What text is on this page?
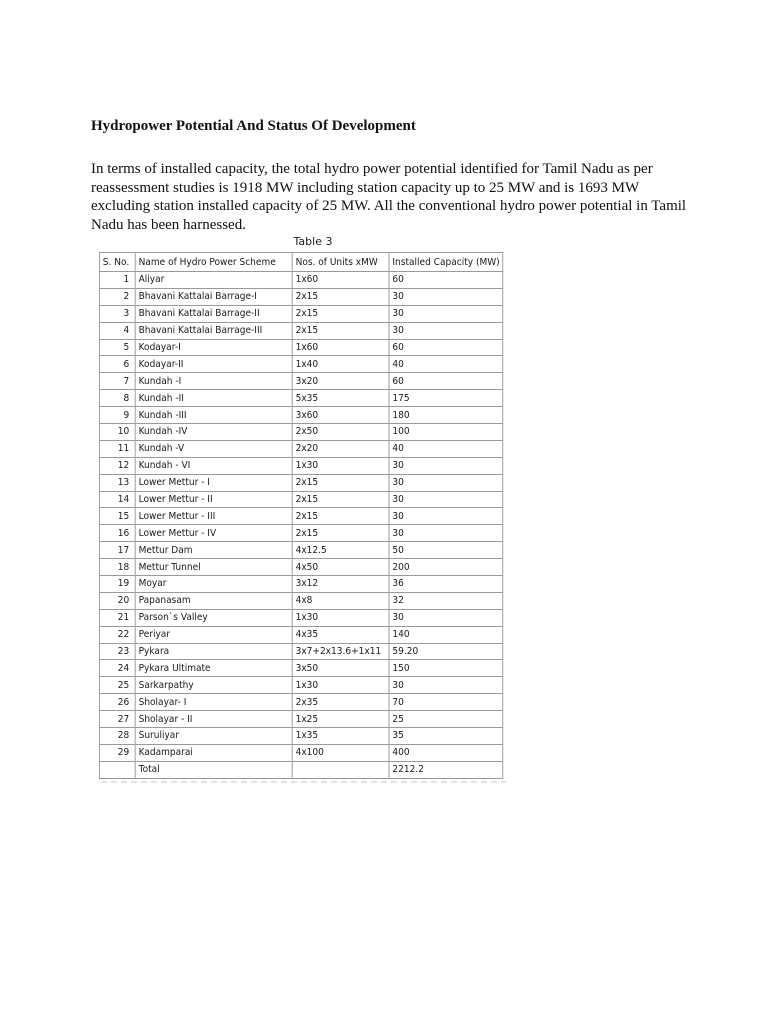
Hydropower Potential And Status Of Development

In terms of installed capacity, the total hydro power potential identified for Tamil Nadu as per reassessment studies is 1918 MW including station capacity up to 25 MW and is 1693 MW excluding station installed capacity of 25 MW. All the conventional hydro power potential in Tamil Nadu has been harnessed.

Table 3
S. No.	Name of Hydro Power Scheme	Nos. of Units xMW	Installed Capacity (MW)
1	Aliyar	1x60	60
2	Bhavani Kattalai Barrage-I	2x15	30
3	Bhavani Kattalai Barrage-II	2x15	30
4	Bhavani Kattalai Barrage-III	2x15	30
5	Kodayar-I	1x60	60
6	Kodayar-II	1x40	40
7	Kundah -I	3x20	60
8	Kundah -II	5x35	175
9	Kundah -III	3x60	180
10	Kundah -IV	2x50	100
11	Kundah -V	2x20	40
12	Kundah - VI	1x30	30
13	Lower Mettur - I	2x15	30
14	Lower Mettur - II	2x15	30
15	Lower Mettur - III	2x15	30
16	Lower Mettur - IV	2x15	30
17	Mettur Dam	4x12.5	50
18	Mettur Tunnel	4x50	200
19	Moyar	3x12	36
20	Papanasam	4x8	32
21	Parson`s Valley	1x30	30
22	Periyar	4x35	140
23	Pykara	3x7+2x13.6+1x11	59.20
24	Pykara Ultimate	3x50	150
25	Sarkarpathy	1x30	30
26	Sholayar- I	2x35	70
27	Sholayar - II	1x25	25
28	Suruliyar	1x35	35
29	Kadamparai	4x100	400
	Total		2212.2
